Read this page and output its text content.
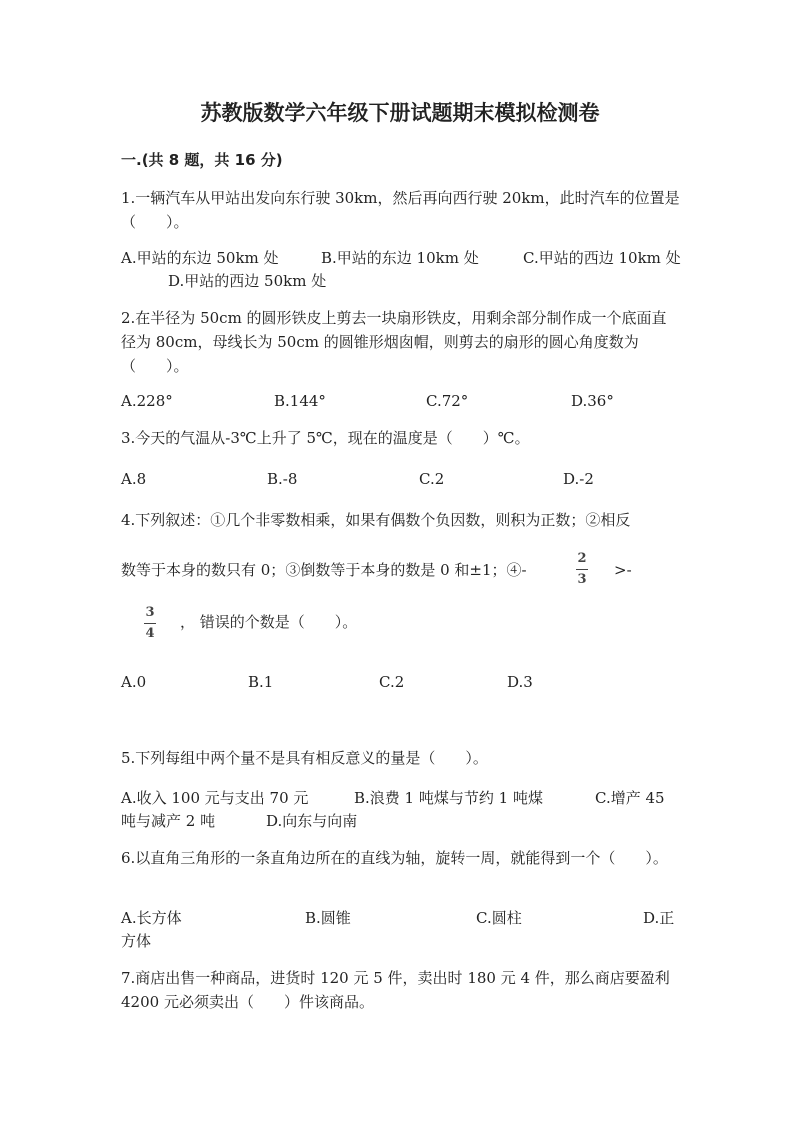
苏教版数学六年级下册试题期末模拟检测卷
一.(共 8 题，共 16 分)
1.一辆汽车从甲站出发向东行驶 30km，然后再向西行驶 20km，此时汽车的位置是（　　）。
A.甲站的东边 50km 处	B.甲站的东边 10km 处	C.甲站的西边 10km 处
D.甲站的西边 50km 处
2.在半径为 50cm 的圆形铁皮上剪去一块扇形铁皮，用剩余部分制作成一个底面直径为 80cm，母线长为 50cm 的圆锥形烟囱帽，则剪去的扇形的圆心角度数为（　　）。
A.228°	B.144°	C.72°	D.36°
3.今天的气温从-3℃上升了 5℃，现在的温度是（　　）℃。
A.8	B.-8	C.2	D.-2
4.下列叙述：①几个非零数相乘，如果有偶数个负因数，则积为正数；②相反
数等于本身的数只有 0；③倒数等于本身的数是 0 和±1；④-
2
3
>-
3
4
， 错误的个数是（　　）。
A.0	B.1	C.2	D.3
5.下列每组中两个量不是具有相反意义的量是（　　）。
A.收入 100 元与支出 70 元	B.浪费 1 吨煤与节约 1 吨煤	C.增产 45
吨与减产 2 吨	D.向东与向南
6.以直角三角形的一条直角边所在的直线为轴，旋转一周，就能得到一个（　　）。
A.长方体	B.圆锥	C.圆柱	D.正
方体
7.商店出售一种商品，进货时 120 元 5 件，卖出时 180 元 4 件，那么商店要盈利 4200 元必须卖出（　　）件该商品。
